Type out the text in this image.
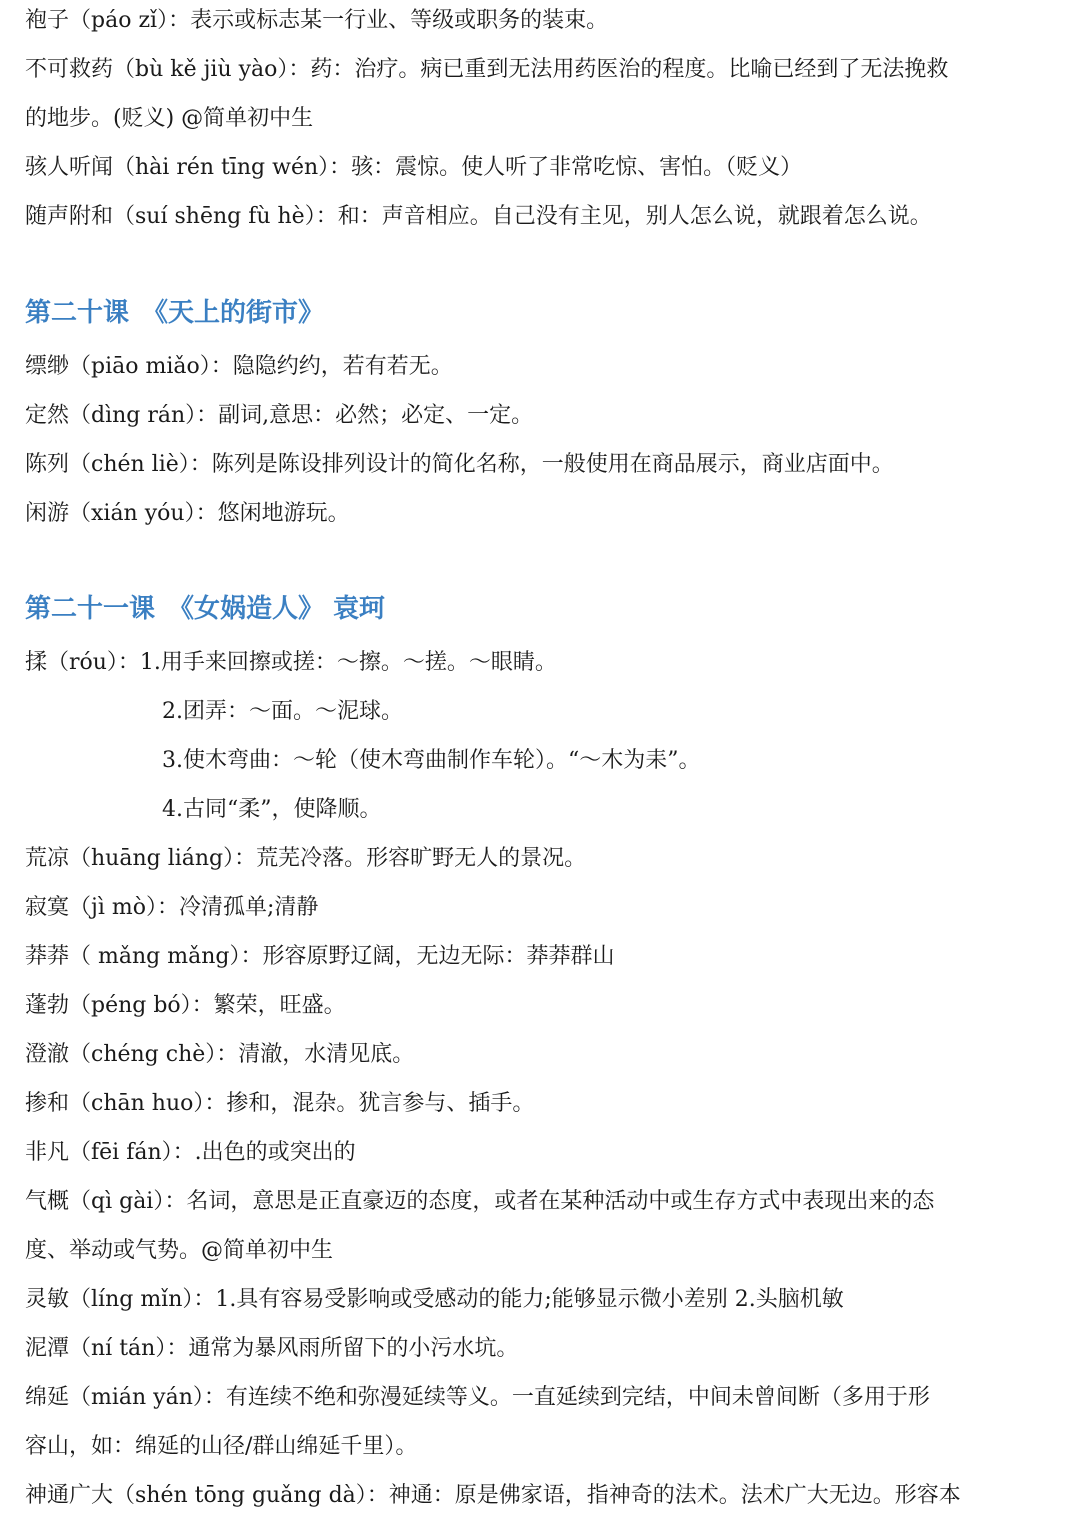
袍子（páo zǐ）：表示或标志某一行业、等级或职务的装束。
不可救药（bù kě jiù yào）：药：治疗。病已重到无法用药医治的程度。比喻已经到了无法挽救
的地步。(贬义) @简单初中生
骇人听闻（hài rén tīng wén）：骇：震惊。使人听了非常吃惊、害怕。（贬义）
随声附和（suí shēng fù hè）：和：声音相应。自己没有主见，别人怎么说，就跟着怎么说。
第二十课　《天上的街市》
缥缈（piāo miǎo）：隐隐约约，若有若无。
定然（dìng rán）：副词,意思：必然；必定、一定。
陈列（chén liè）：陈列是陈设排列设计的简化名称，一般使用在商品展示，商业店面中。
闲游（xián yóu）：悠闲地游玩。
第二十一课　《女娲造人》 袁珂
揉（róu）：1.用手来回擦或搓：～擦。～搓。～眼睛。
2.团弄：～面。～泥球。
3.使木弯曲：～轮（使木弯曲制作车轮）。“～木为耒”。
4.古同“柔”，使降顺。
荒凉（huāng liáng）：荒芜冷落。形容旷野无人的景况。
寂寞（jì mò）：冷清孤单;清静
莽莽（ mǎng mǎng）：形容原野辽阔，无边无际：莽莽群山
蓬勃（péng bó）：繁荣，旺盛。
澄澈（chéng chè）：清澈，水清见底。
掺和（chān huo）：掺和，混杂。犹言参与、插手。
非凡（fēi fán）：.出色的或突出的
气概（qì gài）：名词，意思是正直豪迈的态度，或者在某种活动中或生存方式中表现出来的态
度、举动或气势。@简单初中生
灵敏（líng mǐn）：1.具有容易受影响或受感动的能力;能够显示微小差别 2.头脑机敏
泥潭（ní tán）：通常为暴风雨所留下的小污水坑。
绵延（mián yán）：有连续不绝和弥漫延续等义。一直延续到完结，中间未曾间断（多用于形
容山，如：绵延的山径/群山绵延千里）。
神通广大（shén tōng guǎng dà）：神通：原是佛家语，指神奇的法术。法术广大无边。形容本
